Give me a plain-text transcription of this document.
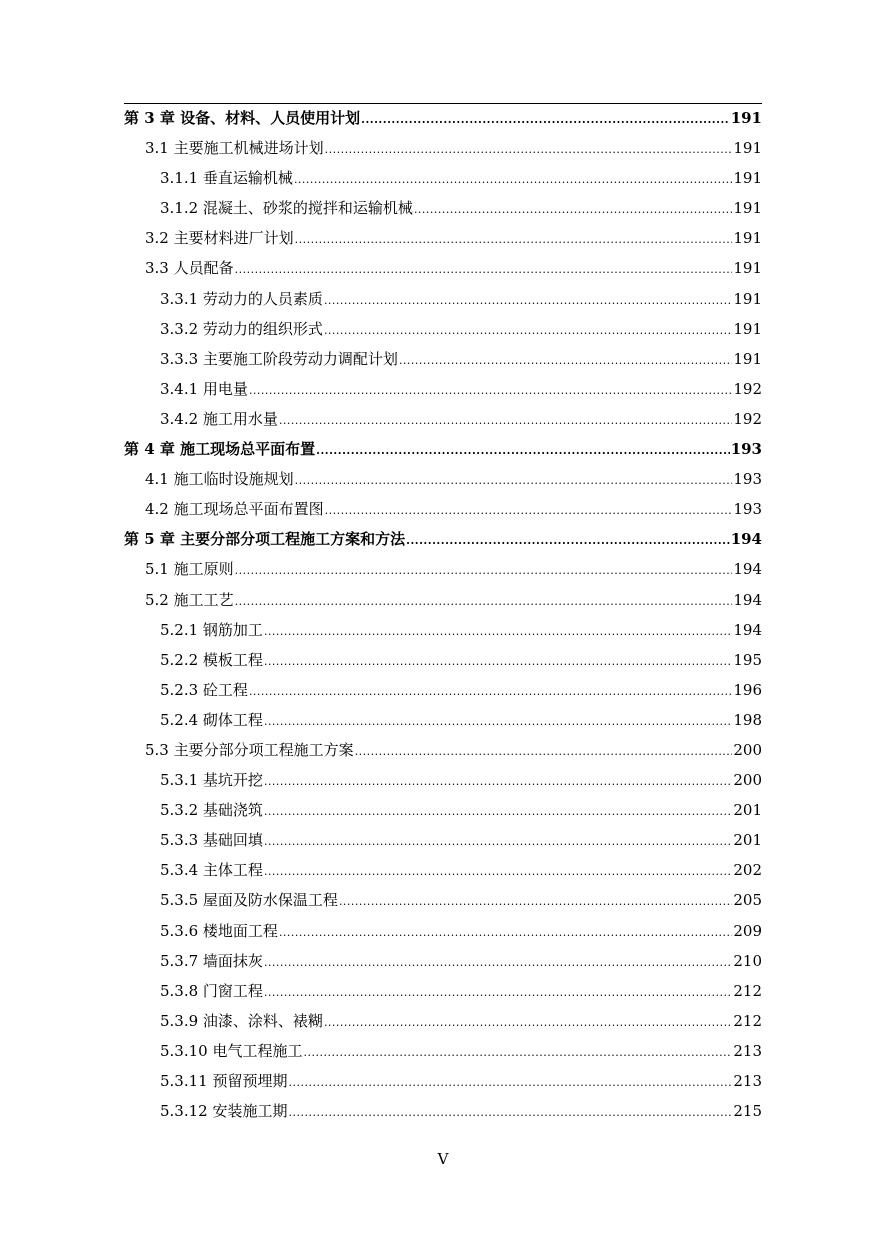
第 3 章 设备、材料、人员使用计划 .....	191
3.1 主要施工机械进场计划 .....	191
3.1.1 垂直运输机械 .....	191
3.1.2 混凝土、砂浆的搅拌和运输机械 .....	191
3.2 主要材料进厂计划 .....	191
3.3 人员配备 .....	191
3.3.1 劳动力的人员素质 .....	191
3.3.2 劳动力的组织形式 .....	191
3.3.3 主要施工阶段劳动力调配计划 .....	191
3.4.1 用电量 .....	192
3.4.2 施工用水量 .....	192
第 4 章 施工现场总平面布置 .....	193
4.1 施工临时设施规划 .....	193
4.2 施工现场总平面布置图 .....	193
第 5 章 主要分部分项工程施工方案和方法 .....	194
5.1 施工原则 .....	194
5.2 施工工艺 .....	194
5.2.1 钢筋加工 .....	194
5.2.2 模板工程 .....	195
5.2.3 砼工程 .....	196
5.2.4 砌体工程 .....	198
5.3 主要分部分项工程施工方案 .....	200
5.3.1 基坑开挖 .....	200
5.3.2 基础浇筑 .....	201
5.3.3 基础回填 .....	201
5.3.4 主体工程 .....	202
5.3.5 屋面及防水保温工程 .....	205
5.3.6 楼地面工程 .....	209
5.3.7 墙面抹灰 .....	210
5.3.8 门窗工程 .....	212
5.3.9 油漆、涂料、裱糊 .....	212
5.3.10 电气工程施工 .....	213
5.3.11 预留预埋期 .....	213
5.3.12 安装施工期 .....	215
V
